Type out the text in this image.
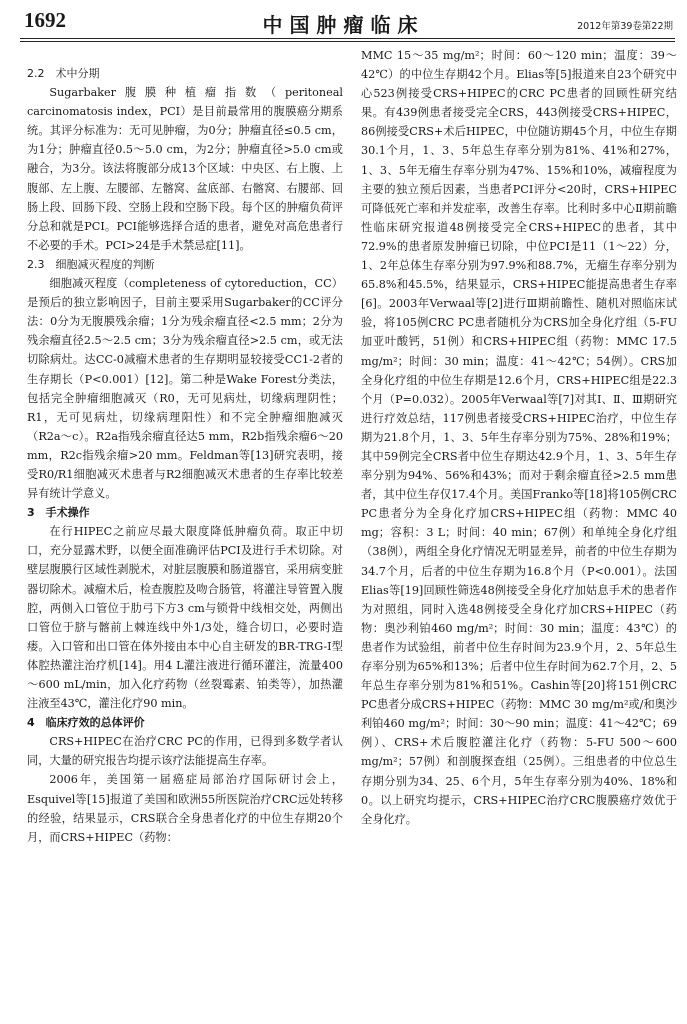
1692	中国肿瘤临床	2012年第39卷第22期

2.2　术中分期

Sugarbaker腹膜种植瘤指数（peritoneal carcinomatosis index，PCI）是目前最常用的腹膜癌分期系统。其评分标准为：无可见肿瘤，为0分；肿瘤直径≤0.5 cm，为1分；肿瘤直径0.5～5.0 cm，为2分；肿瘤直径>5.0 cm或融合，为3分。该法将腹部分成13个区域：中央区、右上腹、上腹部、左上腹、左腰部、左髂窝、盆底部、右髂窝、右腰部、回肠上段、回肠下段、空肠上段和空肠下段。每个区的肿瘤负荷评分总和就是PCI。PCI能够选择合适的患者，避免对高危患者行不必要的手术。PCI>24是手术禁忌症[11]。

2.3　细胞减灭程度的判断

细胞减灭程度（completeness of cytoreduction，CC）是预后的独立影响因子，目前主要采用Sugarbaker的CC评分法：0分为无腹膜残余瘤；1分为残余瘤直径<2.5 mm；2分为残余瘤直径2.5～2.5 cm；3分为残余瘤直径>2.5 cm，或无法切除病灶。达CC-0减瘤术患者的生存期明显较接受CC1-2者的生存期长（P<0.001）[12]。第二种是Wake Forest分类法，包括完全肿瘤细胞减灭（R0，无可见病灶，切缘病理阴性；R1，无可见病灶，切缘病理阳性）和不完全肿瘤细胞减灭（R2a～c）。R2a指残余瘤直径达5 mm，R2b指残余瘤6～20 mm，R2c指残余瘤>20 mm。Feldman等[13]研究表明，接受R0/R1细胞减灭术患者与R2细胞减灭术患者的生存率比较差异有统计学意义。

3　手术操作

在行HIPEC之前应尽最大限度降低肿瘤负荷。取正中切口，充分显露术野，以便全面准确评估PCI及进行手术切除。对壁层腹膜行区域性剥脱术，对脏层腹膜和肠道器官，采用病变脏器切除术。减瘤术后，检查腹腔及吻合肠管，将灌注导管置入腹腔，两侧入口管位于肋弓下方3 cm与锁骨中线相交处，两侧出口管位于脐与髂前上棘连线中外1/3处，缝合切口，必要时造瘘。入口管和出口管在体外接由本中心自主研发的BR-TRG-I型体腔热灌注治疗机[14]。用4 L灌注液进行循环灌注，流量400～600 mL/min，加入化疗药物（丝裂霉素、铂类等），加热灌注液至43℃，灌注化疗90 min。

4　临床疗效的总体评价

CRS+HIPEC在治疗CRC PC的作用，已得到多数学者认同，大量的研究报告均提示该疗法能提高生存率。

2006年，美国第一届癌症局部治疗国际研讨会上，Esquivel等[15]报道了美国和欧洲55所医院治疗CRC远处转移的经验，结果显示，CRS联合全身患者化疗的中位生存期20个月，而CRS+HIPEC（药物：

MMC 15～35 mg/m²；时间：60～120 min；温度：39～42℃）的中位生存期42个月。Elias等[5]报道来自23个研究中心523例接受CRS+HIPEC的CRC PC患者的回顾性研究结果。有439例患者接受完全CRS，443例接受CRS+HIPEC，86例接受CRS+术后HIPEC，中位随访期45个月，中位生存期30.1个月，1、3、5年总生存率分别为81%、41%和27%，1、3、5年无瘤生存率分别为47%、15%和10%，减瘤程度为主要的独立预后因素，当患者PCI评分<20时，CRS+HIPEC可降低死亡率和并发症率，改善生存率。比利时多中心Ⅱ期前瞻性临床研究报道48例接受完全CRS+HIPEC的患者，其中72.9%的患者原发肿瘤已切除，中位PCI是11（1～22）分，1、2年总体生存率分别为97.9%和88.7%，无瘤生存率分别为65.8%和45.5%，结果显示，CRS+HIPEC能提高患者生存率[6]。2003年Verwaal等[2]进行Ⅲ期前瞻性、随机对照临床试验，将105例CRC PC患者随机分为CRS加全身化疗组（5-FU加亚叶酸钙，51例）和CRS+HIPEC组（药物：MMC 17.5 mg/m²；时间：30 min；温度：41～42℃；54例）。CRS加全身化疗组的中位生存期是12.6个月，CRS+HIPEC组是22.3个月（P=0.032）。2005年Verwaal等[7]对其Ⅰ、Ⅱ、Ⅲ期研究进行疗效总结，117例患者接受CRS+HIPEC治疗，中位生存期为21.8个月，1、3、5年生存率分别为75%、28%和19%；其中59例完全CRS者中位生存期达42.9个月，1、3、5年生存率分别为94%、56%和43%；而对于剩余瘤直径>2.5 mm患者，其中位生存仅17.4个月。美国Franko等[18]将105例CRC PC患者分为全身化疗加CRS+HIPEC组（药物：MMC 40 mg；容积：3 L；时间：40 min；67例）和单纯全身化疗组（38例），两组全身化疗情况无明显差异，前者的中位生存期为34.7个月，后者的中位生存期为16.8个月（P<0.001）。法国Elias等[19]回顾性筛选48例接受全身化疗加姑息手术的患者作为对照组，同时入选48例接受全身化疗加CRS+HIPEC（药物：奥沙利铂460 mg/m²；时间：30 min；温度：43℃）的患者作为试验组，前者中位生存时间为23.9个月，2、5年总生存率分别为65%和13%；后者中位生存时间为62.7个月，2、5年总生存率分别为81%和51%。Cashin等[20]将151例CRC PC患者分成CRS+HIPEC（药物：MMC 30 mg/m²或/和奥沙利铂460 mg/m²；时间：30～90 min；温度：41～42℃；69例）、CRS+术后腹腔灌注化疗（药物：5-FU 500～600 mg/m²；57例）和剖腹探查组（25例）。三组患者的中位总生存期分别为34、25、6个月，5年生存率分别为40%、18%和0。以上研究均提示，CRS+HIPEC治疗CRC腹膜癌疗效优于全身化疗。
